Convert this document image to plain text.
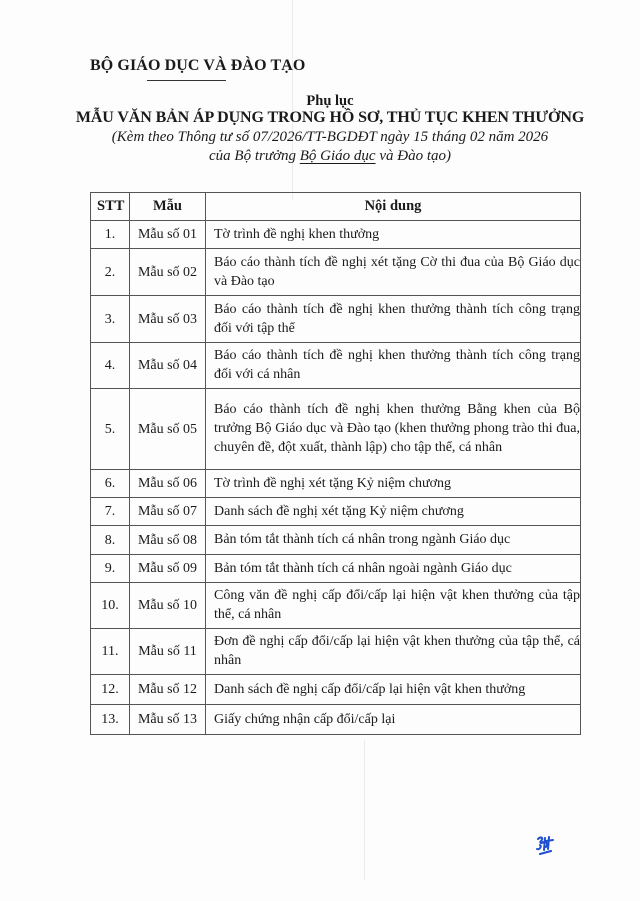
BỘ GIÁO DỤC VÀ ĐÀO TẠO
Phụ lục
MẪU VĂN BẢN ÁP DỤNG TRONG HỒ SƠ, THỦ TỤC KHEN THƯỞNG
(Kèm theo Thông tư số 07/2026/TT-BGDĐT ngày 15 tháng 02 năm 2026
của Bộ trưởng Bộ Giáo dục và Đào tạo)
STT	Mẫu	Nội dung
1.	Mẫu số 01	Tờ trình đề nghị khen thưởng
2.	Mẫu số 02	Báo cáo thành tích đề nghị xét tặng Cờ thi đua của Bộ Giáo dục và Đào tạo
3.	Mẫu số 03	Báo cáo thành tích đề nghị khen thưởng thành tích công trạng đối với tập thể
4.	Mẫu số 04	Báo cáo thành tích đề nghị khen thưởng thành tích công trạng đối với cá nhân
5.	Mẫu số 05	Báo cáo thành tích đề nghị khen thưởng Bằng khen của Bộ trưởng Bộ Giáo dục và Đào tạo (khen thưởng phong trào thi đua, chuyên đề, đột xuất, thành lập) cho tập thể, cá nhân
6.	Mẫu số 06	Tờ trình đề nghị xét tặng Kỷ niệm chương
7.	Mẫu số 07	Danh sách đề nghị xét tặng Kỷ niệm chương
8.	Mẫu số 08	Bản tóm tắt thành tích cá nhân trong ngành Giáo dục
9.	Mẫu số 09	Bản tóm tắt thành tích cá nhân ngoài ngành Giáo dục
10.	Mẫu số 10	Công văn đề nghị cấp đổi/cấp lại hiện vật khen thưởng của tập thể, cá nhân
11.	Mẫu số 11	Đơn đề nghị cấp đổi/cấp lại hiện vật khen thưởng của tập thể, cá nhân
12.	Mẫu số 12	Danh sách đề nghị cấp đổi/cấp lại hiện vật khen thưởng
13.	Mẫu số 13	Giấy chứng nhận cấp đổi/cấp lại
